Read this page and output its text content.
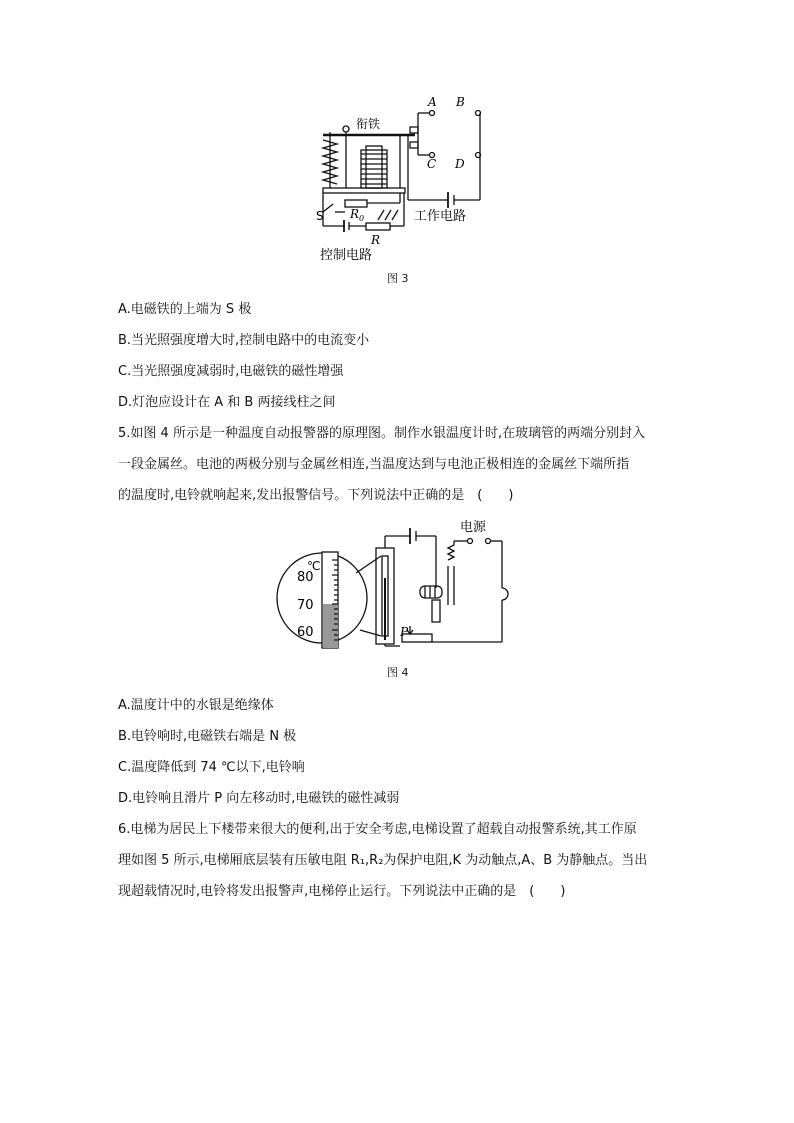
衔铁
A B
C D
S $R_0$
R
工作电路
控制电路
图 3
A.电磁铁的上端为 S 极
B.当光照强度增大时,控制电路中的电流变小
C.当光照强度减弱时,电磁铁的磁性增强
D.灯泡应设计在 A 和 B 两接线柱之间
5.如图 4 所示是一种温度自动报警器的原理图。制作水银温度计时,在玻璃管的两端分别封入
一段金属丝。电池的两极分别与金属丝相连,当温度达到与电池正极相连的金属丝下端所指
的温度时,电铃就响起来,发出报警信号。下列说法中正确的是　(　　)
℃
80
70
60
电源
P
图 4
A.温度计中的水银是绝缘体
B.电铃响时,电磁铁右端是 N 极
C.温度降低到 74 ℃以下,电铃响
D.电铃响且滑片 P 向左移动时,电磁铁的磁性减弱
6.电梯为居民上下楼带来很大的便利,出于安全考虑,电梯设置了超载自动报警系统,其工作原
理如图 5 所示,电梯厢底层装有压敏电阻 R₁,R₂为保护电阻,K 为动触点,A、B 为静触点。当出
现超载情况时,电铃将发出报警声,电梯停止运行。下列说法中正确的是　(　　)
